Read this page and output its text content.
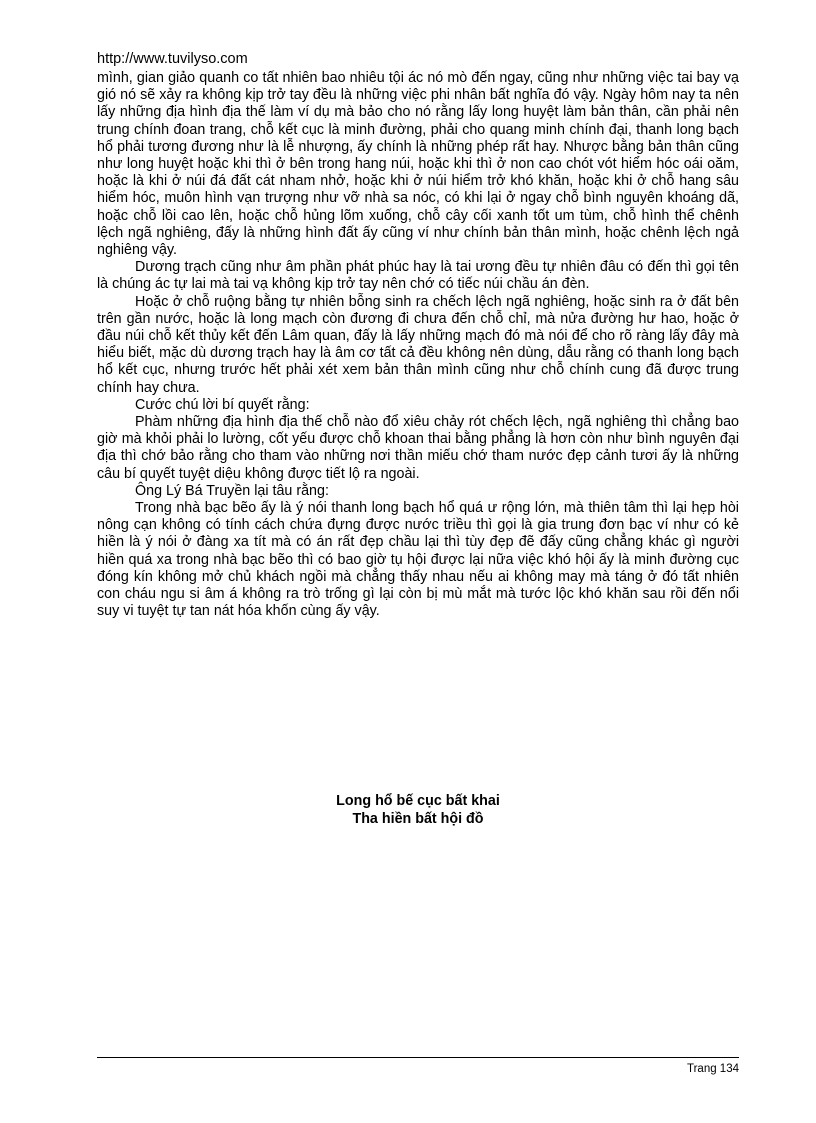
http://www.tuvilyso.com

mình, gian giảo quanh co tất nhiên bao nhiêu tội ác nó mò đến ngay, cũng như những việc tai bay vạ gió nó sẽ xảy ra không kịp trở tay đều là những việc phi nhân bất nghĩa đó vậy. Ngày hôm nay ta nên lấy những địa hình địa thế làm ví dụ mà bảo cho nó rằng lấy long huyệt làm bản thân, cần phải nên trung chính đoan trang, chỗ kết cục là minh đường, phải cho quang minh chính đại, thanh long bạch hổ phải tương đương như là lễ nhượng, ấy chính là những phép rất hay. Nhược bằng bản thân cũng như long huyệt hoặc khi thì ở bên trong hang núi, hoặc khi thì ở non cao chót vót hiểm hóc oái oăm, hoặc là khi ở núi đá đất cát nham nhở, hoặc khi ở núi hiểm trở khó khăn, hoặc khi ở chỗ hang sâu hiểm hóc, muôn hình vạn trượng như vỡ nhà sa nóc, có khi lại ở ngay chỗ bình nguyên khoáng dã, hoặc chỗ lồi cao lên, hoặc chỗ hủng lõm xuống, chỗ cây cối xanh tốt um tùm, chỗ hình thể chênh lệch ngã nghiêng, đấy là những hình đất ấy cũng ví như chính bản thân mình, hoặc chênh lệch ngả nghiêng vậy.

Dương trạch cũng như âm phần phát phúc hay là tai ương đều tự nhiên đâu có đến thì gọi tên là chúng ác tự lai mà tai vạ không kịp trở tay nên chớ có tiếc núi chầu án đèn.

Hoặc ở chỗ ruộng bằng tự nhiên bỗng sinh ra chếch lệch ngã nghiêng, hoặc sinh ra ở đất bên trên gần nước, hoặc là long mạch còn đương đi chưa đến chỗ chỉ, mà nửa đường hư hao, hoặc ở đầu núi chỗ kết thủy kết đến Lâm quan, đấy là lấy những mạch đó mà nói để cho rõ ràng lấy đây mà hiểu biết, mặc dù dương trạch hay là âm cơ tất cả đều không nên dùng, dẫu rằng có thanh long bạch hổ kết cục, nhưng trước hết phải xét xem bản thân mình cũng như chỗ chính cung đã được trung chính hay chưa.

Cước chú lời bí quyết rằng:

Phàm những địa hình địa thế chỗ nào đổ xiêu chảy rót chếch lệch, ngã nghiêng thì chẳng bao giờ mà khỏi phải lo lường, cốt yếu được chỗ khoan thai bằng phẳng là hơn còn như bình nguyên đại địa thì chớ bảo rằng cho tham vào những nơi thần miếu chớ tham nước đẹp cảnh tươi ấy là những câu bí quyết tuyệt diệu không được tiết lộ ra ngoài.

Ông Lý Bá Truyền lại tâu rằng:

Trong nhà bạc bẽo ấy là ý nói thanh long bạch hổ quá ư rộng lớn, mà thiên tâm thì lại hẹp hòi nông cạn không có tính cách chứa đựng được nước triều thì gọi là gia trung đơn bạc ví như có kẻ hiền là ý nói ở đàng xa tít mà có án rất đẹp chầu lại thì tùy đẹp đẽ đấy cũng chẳng khác gì người hiền quá xa trong nhà bạc bẽo thì có bao giờ tụ hội được lại nữa việc khó hội ấy là minh đường cục đóng kín không mở chủ khách ngồi mà chẳng thấy nhau nếu ai không may mà táng ở đó tất nhiên con cháu ngu si âm á không ra trò trống gì lại còn bị mù mắt mà tước lộc khó khăn sau rồi đến nổi suy vi tuyệt tự tan nát hóa khốn cùng ấy vậy.

Long hổ bế cục bất khai
Tha hiền bất hội đồ
Trang 134
